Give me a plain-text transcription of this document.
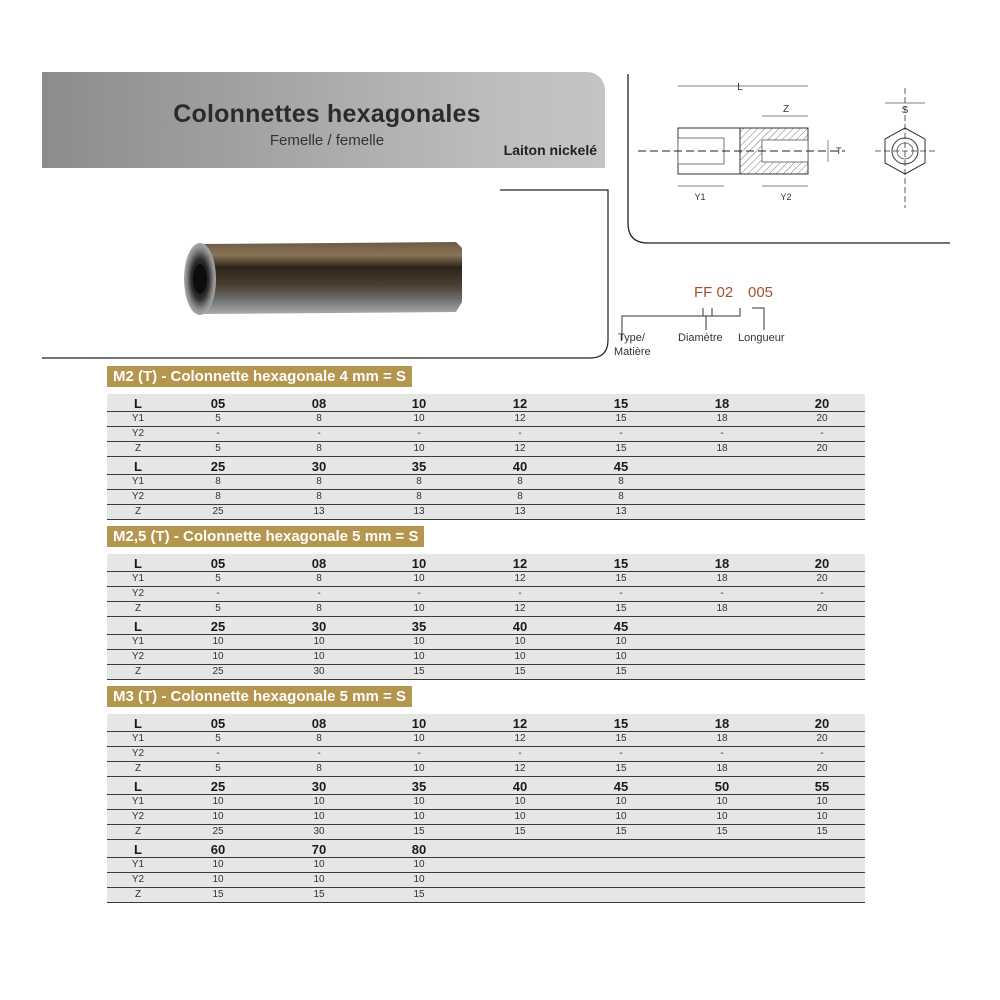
Colonnettes hexagonales
Femelle / femelle
Laiton nickelé
L
Z
Y1	Y2
T
S
FF 02 005
Type/
Matière
Diamètre Longueur
M2 (T) - Colonnette hexagonale 4 mm = S
L	05	08	10	12	15	18	20
Y1	5	8	10	12	15	18	20
Y2	-	-	-	-	-	-	-
Z	5	8	10	12	15	18	20
L	25	30	35	40	45
Y1	8	8	8	8	8
Y2	8	8	8	8	8
Z	25	13	13	13	13
M2,5 (T) - Colonnette hexagonale 5 mm = S
L	05	08	10	12	15	18	20
Y1	5	8	10	12	15	18	20
Y2	-	-	-	-	-	-	-
Z	5	8	10	12	15	18	20
L	25	30	35	40	45
Y1	10	10	10	10	10
Y2	10	10	10	10	10
Z	25	30	15	15	15
M3 (T) - Colonnette hexagonale 5 mm = S
L	05	08	10	12	15	18	20
Y1	5	8	10	12	15	18	20
Y2	-	-	-	-	-	-	-
Z	5	8	10	12	15	18	20
L	25	30	35	40	45	50	55
Y1	10	10	10	10	10	10	10
Y2	10	10	10	10	10	10	10
Z	25	30	15	15	15	15	15
L	60	70	80
Y1	10	10	10
Y2	10	10	10
Z	15	15	15
